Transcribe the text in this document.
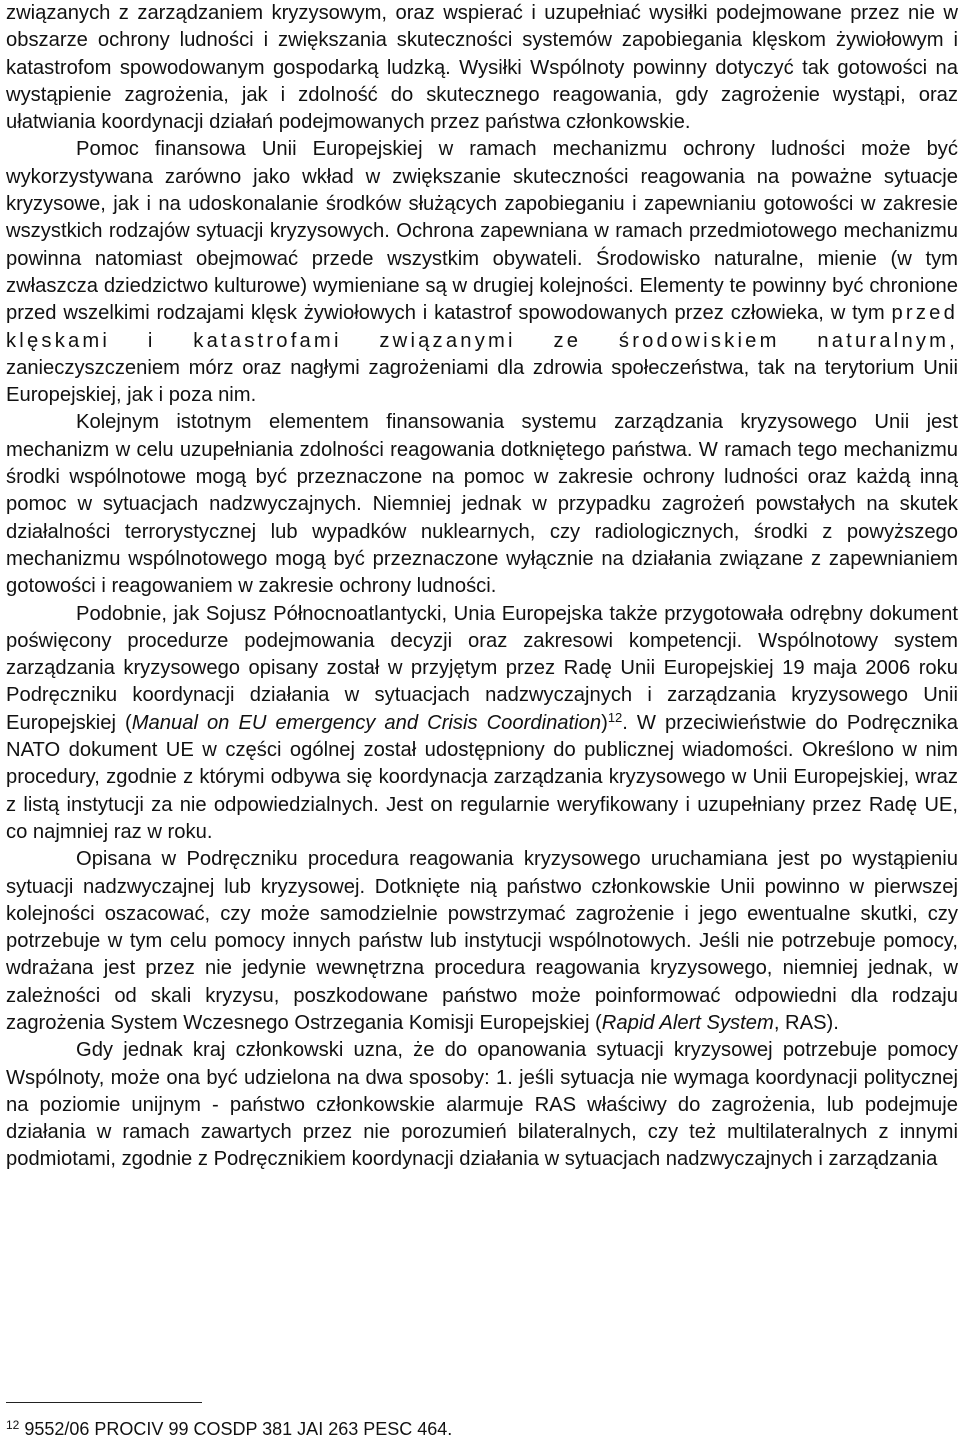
związanych z zarządzaniem kryzysowym, oraz wspierać i uzupełniać wysiłki podejmowane przez nie w obszarze ochrony ludności i zwiększania skuteczności systemów zapobiegania klęskom żywiołowym i katastrofom spowodowanym gospodarką ludzką. Wysiłki Wspólnoty powinny dotyczyć tak gotowości na wystąpienie zagrożenia, jak i zdolność do skutecznego reagowania, gdy zagrożenie wystąpi, oraz ułatwiania koordynacji działań podejmowanych przez państwa członkowskie.

Pomoc finansowa Unii Europejskiej w ramach mechanizmu ochrony ludności może być wykorzystywana zarówno jako wkład w zwiększanie skuteczności reagowania na poważne sytuacje kryzysowe, jak i na udoskonalanie środków służących zapobieganiu i zapewnianiu gotowości w zakresie wszystkich rodzajów sytuacji kryzysowych. Ochrona zapewniana w ramach przedmiotowego mechanizmu powinna natomiast obejmować przede wszystkim obywateli. Środowisko naturalne, mienie (w tym zwłaszcza dziedzictwo kulturowe) wymieniane są w drugiej kolejności. Elementy te powinny być chronione przed wszelkimi rodzajami klęsk żywiołowych i katastrof spowodowanych przez człowieka, w tym przed klęskami i katastrofami związanymi ze środowiskiem naturalnym, zanieczyszczeniem mórz oraz nagłymi zagrożeniami dla zdrowia społeczeństwa, tak na terytorium Unii Europejskiej, jak i poza nim.

Kolejnym istotnym elementem finansowania systemu zarządzania kryzysowego Unii jest mechanizm w celu uzupełniania zdolności reagowania dotkniętego państwa. W ramach tego mechanizmu środki wspólnotowe mogą być przeznaczone na pomoc w zakresie ochrony ludności oraz każdą inną pomoc w sytuacjach nadzwyczajnych. Niemniej jednak w przypadku zagrożeń powstałych na skutek działalności terrorystycznej lub wypadków nuklearnych, czy radiologicznych, środki z powyższego mechanizmu wspólnotowego mogą być przeznaczone wyłącznie na działania związane z zapewnianiem gotowości i reagowaniem w zakresie ochrony ludności.

Podobnie, jak Sojusz Północnoatlantycki, Unia Europejska także przygotowała odrębny dokument poświęcony procedurze podejmowania decyzji oraz zakresowi kompetencji. Wspólnotowy system zarządzania kryzysowego opisany został w przyjętym przez Radę Unii Europejskiej 19 maja 2006 roku Podręczniku koordynacji działania w sytuacjach nadzwyczajnych i zarządzania kryzysowego Unii Europejskiej (Manual on EU emergency and Crisis Coordination)$^{12}$. W przeciwieństwie do Podręcznika NATO dokument UE w części ogólnej został udostępniony do publicznej wiadomości. Określono w nim procedury, zgodnie z którymi odbywa się koordynacja zarządzania kryzysowego w Unii Europejskiej, wraz z listą instytucji za nie odpowiedzialnych. Jest on regularnie weryfikowany i uzupełniany przez Radę UE, co najmniej raz w roku.

Opisana w Podręczniku procedura reagowania kryzysowego uruchamiana jest po wystąpieniu sytuacji nadzwyczajnej lub kryzysowej. Dotknięte nią państwo członkowskie Unii powinno w pierwszej kolejności oszacować, czy może samodzielnie powstrzymać zagrożenie i jego ewentualne skutki, czy potrzebuje w tym celu pomocy innych państw lub instytucji wspólnotowych. Jeśli nie potrzebuje pomocy, wdrażana jest przez nie jedynie wewnętrzna procedura reagowania kryzysowego, niemniej jednak, w zależności od skali kryzysu, poszkodowane państwo może poinformować odpowiedni dla rodzaju zagrożenia System Wczesnego Ostrzegania Komisji Europejskiej (Rapid Alert System, RAS).

Gdy jednak kraj członkowski uzna, że do opanowania sytuacji kryzysowej potrzebuje pomocy Wspólnoty, może ona być udzielona na dwa sposoby: 1. jeśli sytuacja nie wymaga koordynacji politycznej na poziomie unijnym - państwo członkowskie alarmuje RAS właściwy do zagrożenia, lub podejmuje działania w ramach zawartych przez nie porozumień bilateralnych, czy też multilateralnych z innymi podmiotami, zgodnie z Podręcznikiem koordynacji działania w sytuacjach nadzwyczajnych i zarządzania

$^{12}$ 9552/06 PROCIV 99 COSDP 381 JAI 263 PESC 464.
